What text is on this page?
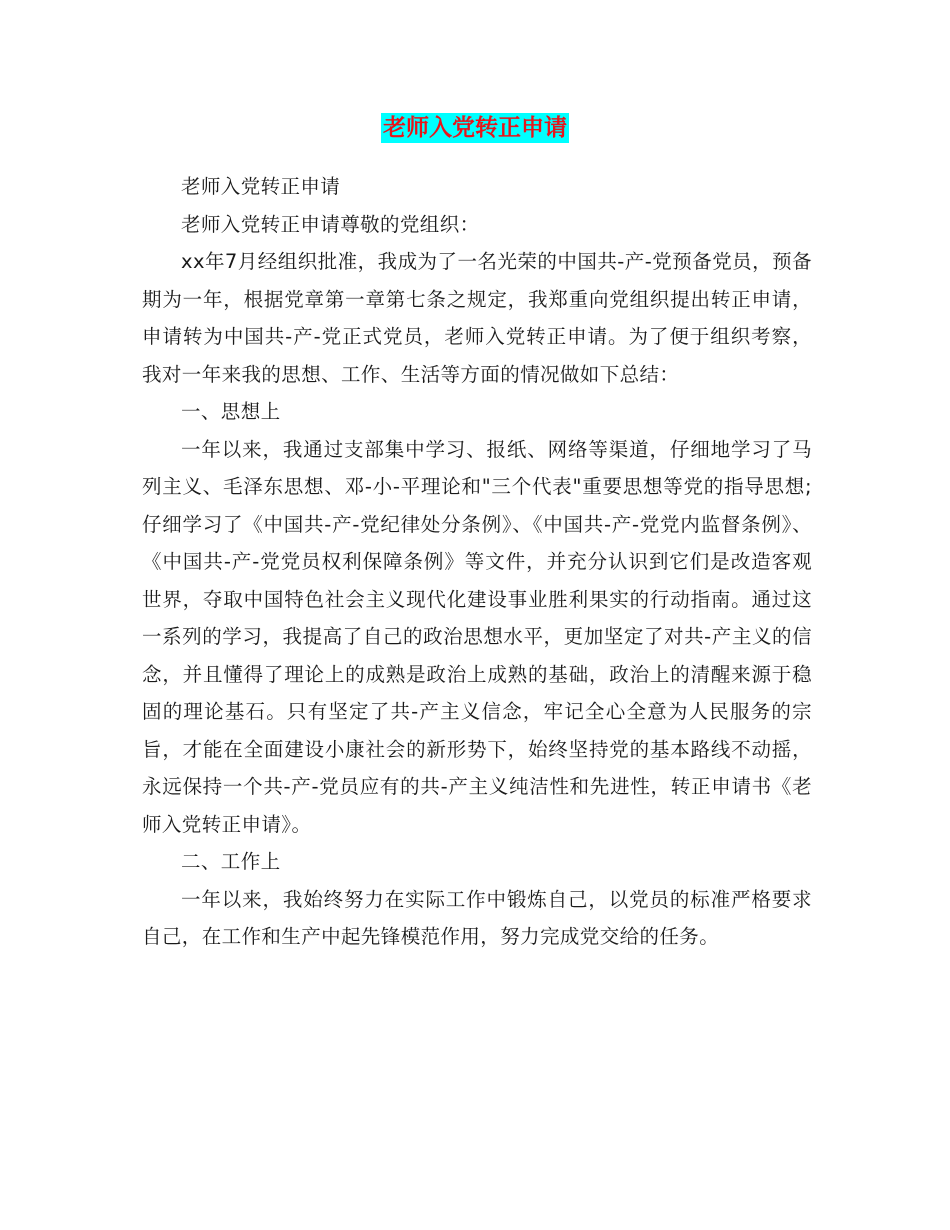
老师入党转正申请

老师入党转正申请

老师入党转正申请尊敬的党组织：

xx年7月经组织批准，我成为了一名光荣的中国共-产-党预备党员，预备期为一年，根据党章第一章第七条之规定，我郑重向党组织提出转正申请，申请转为中国共-产-党正式党员，老师入党转正申请。为了便于组织考察，我对一年来我的思想、工作、生活等方面的情况做如下总结：

一、思想上

一年以来，我通过支部集中学习、报纸、网络等渠道，仔细地学习了马列主义、毛泽东思想、邓-小-平理论和"三个代表"重要思想等党的指导思想;仔细学习了《中国共-产-党纪律处分条例》、《中国共-产-党党内监督条例》、《中国共-产-党党员权利保障条例》等文件，并充分认识到它们是改造客观世界，夺取中国特色社会主义现代化建设事业胜利果实的行动指南。通过这一系列的学习，我提高了自己的政治思想水平，更加坚定了对共-产主义的信念，并且懂得了理论上的成熟是政治上成熟的基础，政治上的清醒来源于稳固的理论基石。只有坚定了共-产主义信念，牢记全心全意为人民服务的宗旨，才能在全面建设小康社会的新形势下，始终坚持党的基本路线不动摇，永远保持一个共-产-党员应有的共-产主义纯洁性和先进性，转正申请书《老师入党转正申请》。

二、工作上

一年以来，我始终努力在实际工作中锻炼自己，以党员的标准严格要求自己，在工作和生产中起先锋模范作用，努力完成党交给的任务。
